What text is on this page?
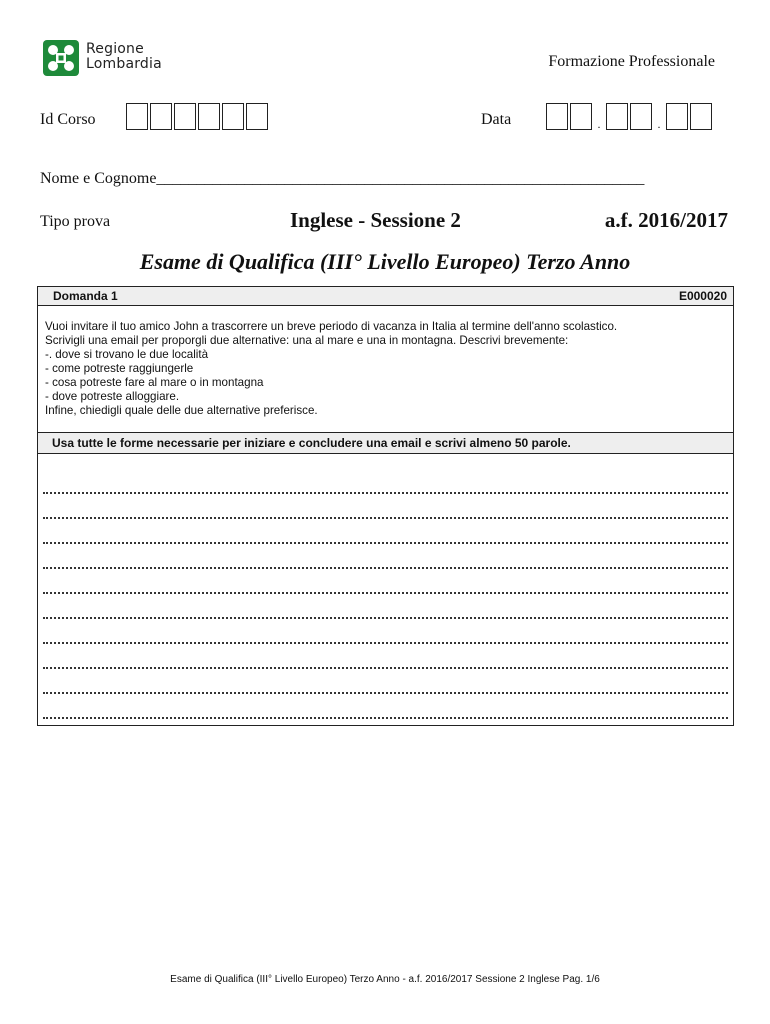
Regione
Lombardia	Formazione Professionale
Id Corso	Data	.	.
Nome e Cognome_____________________________________________________________
Tipo prova	Inglese - Sessione 2	a.f. 2016/2017
Esame di Qualifica (III° Livello Europeo) Terzo Anno
Domanda 1	E000020
Vuoi invitare il tuo amico John a trascorrere un breve periodo di vacanza in Italia al termine dell'anno scolastico.
Scrivigli una email per proporgli due alternative: una al mare e una in montagna. Descrivi brevemente:
-. dove si trovano le due località
- come potreste raggiungerle
- cosa potreste fare al mare o in montagna
- dove potreste alloggiare.
Infine, chiedigli quale delle due alternative preferisce.
Usa tutte le forme necessarie per iniziare e concludere una email e scrivi almeno 50 parole.
Esame di Qualifica (III° Livello Europeo) Terzo Anno - a.f. 2016/2017 Sessione 2 Inglese Pag. 1/6
